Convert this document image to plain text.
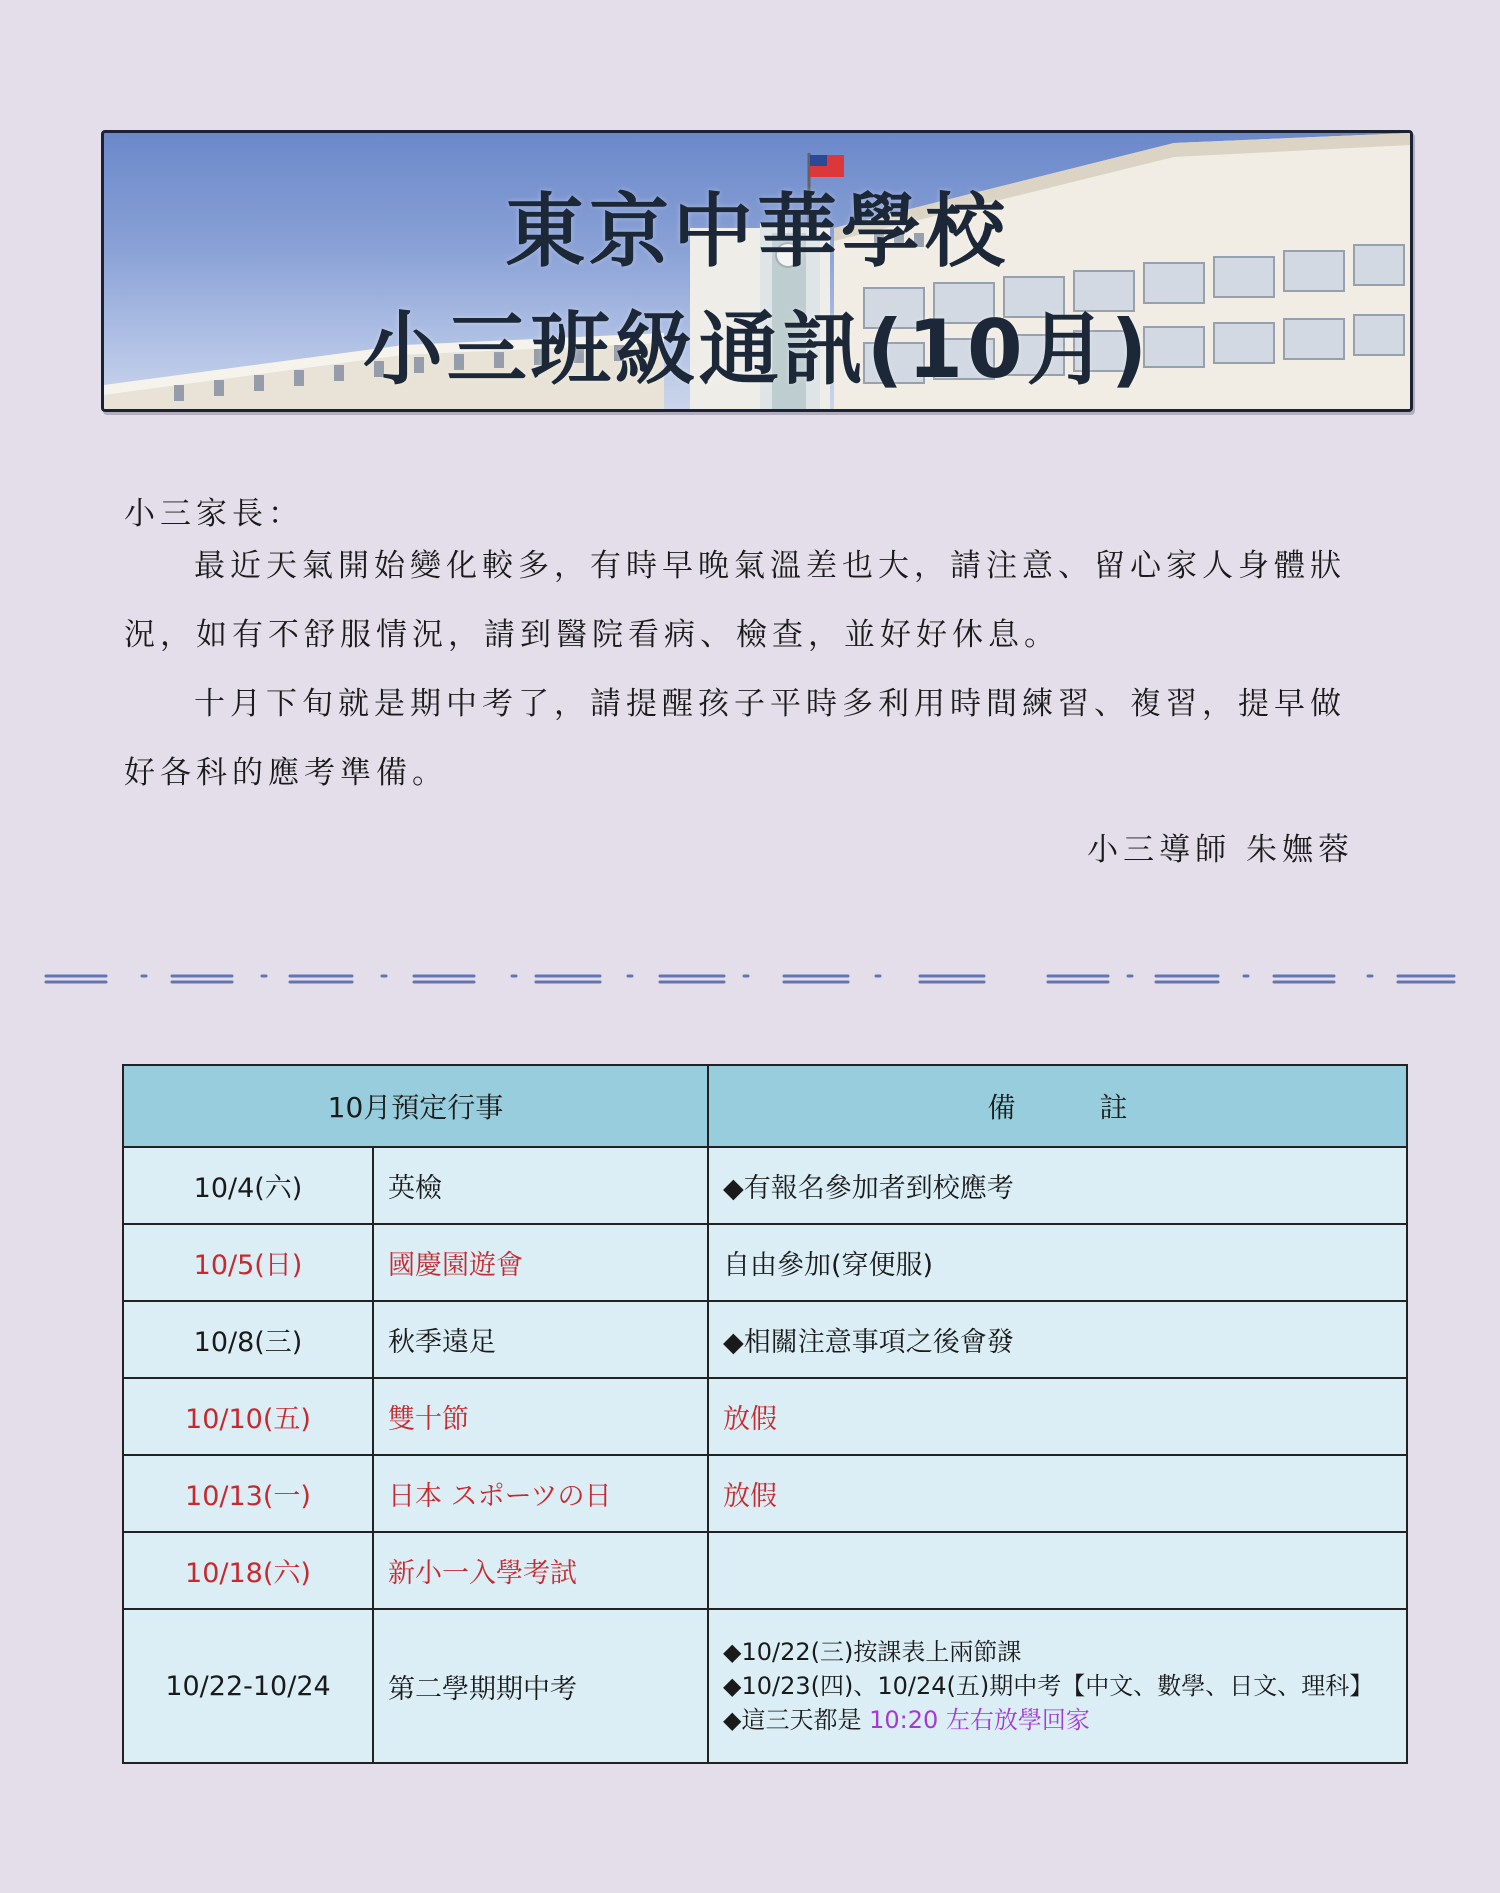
東京中華學校
小三班級通訊(10月)
小三家長：
最近天氣開始變化較多，有時早晚氣溫差也大，請注意、留心家人身體狀況，如有不舒服情況，請到醫院看病、檢查，並好好休息。
十月下旬就是期中考了，請提醒孩子平時多利用時間練習、複習，提早做好各科的應考準備。
小三導師 朱嫵蓉
10月預定行事		備　　　註
10/4(六)	英檢	◆有報名參加者到校應考
10/5(日)	國慶園遊會	自由參加(穿便服)
10/8(三)	秋季遠足	◆相關注意事項之後會發
10/10(五)	雙十節	放假
10/13(一)	日本 スポーツの日	放假
10/18(六)	新小一入學考試	
10/22-10/24	第二學期期中考	◆10/22(三)按課表上兩節課
◆10/23(四)、10/24(五)期中考【中文、數學、日文、理科】
◆這三天都是 10:20 左右放學回家
